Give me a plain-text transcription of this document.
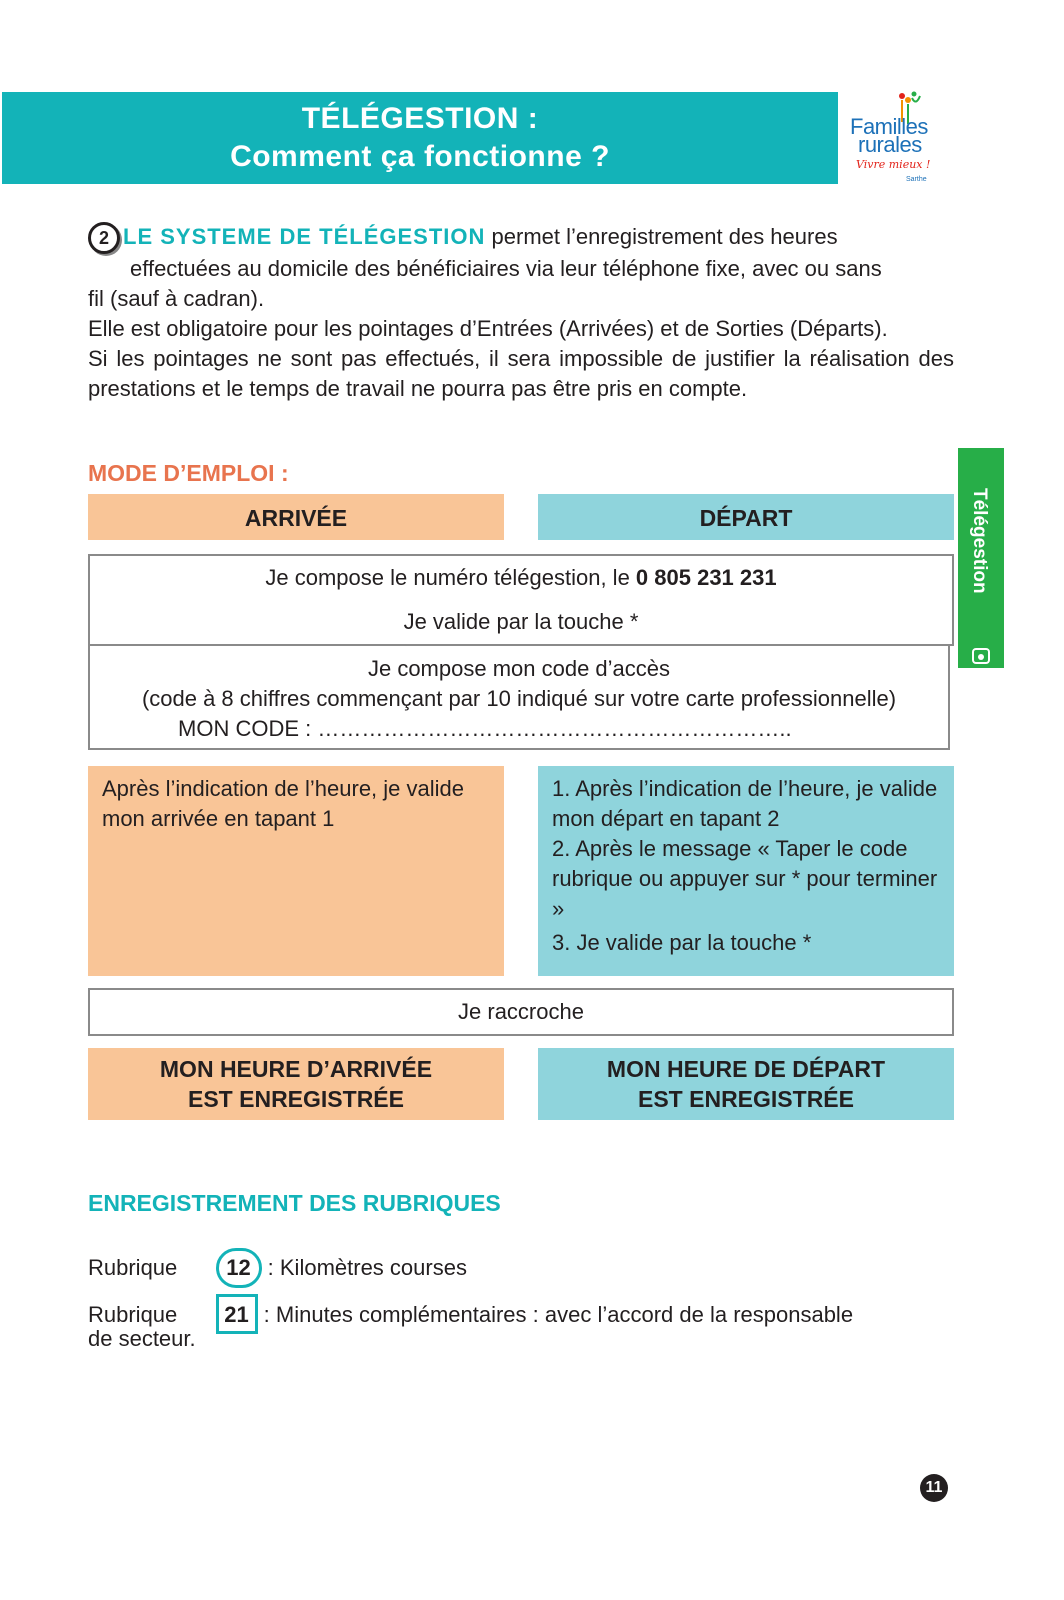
TÉLÉGESTION :
Comment ça fonctionne ?
Familles
rurales
Vivre mieux !
Sarthe

2 LE SYSTEME DE TÉLÉGESTION permet l’enregistrement des heures

effectuées au domicile des bénéficiaires via leur téléphone fixe, avec ou sans

fil (sauf à cadran).

Elle est obligatoire pour les pointages d’Entrées (Arrivées) et de Sorties (Départs).

Si les pointages ne sont pas effectués, il sera impossible de justifier la réalisation des prestations et le temps de travail ne pourra pas être pris en compte.

MODE D’EMPLOI :
ARRIVÉE	DÉPART
Je compose le numéro télégestion, le 0 805 231 231
Je valide par la touche *
Je compose mon code d’accès
(code à 8 chiffres commençant par 10 indiqué sur votre carte professionnelle)
MON CODE : ………………………………………………………..

Après l’indication de l’heure, je valide mon arrivée en tapant 1

1. Après l’indication de l’heure, je valide mon départ en tapant 2

2. Après le message « Taper le code rubrique ou appuyer sur * pour terminer »

3. Je valide par la touche *

Je raccroche
MON HEURE D’ARRIVÉE
EST ENREGISTRÉE
MON HEURE DE DÉPART
EST ENREGISTRÉE
ENREGISTREMENT DES RUBRIQUES
Rubrique 12 : Kilomètres courses
Rubrique 21 : Minutes complémentaires : avec l’accord de la responsable
de secteur.
Télégestion
11
